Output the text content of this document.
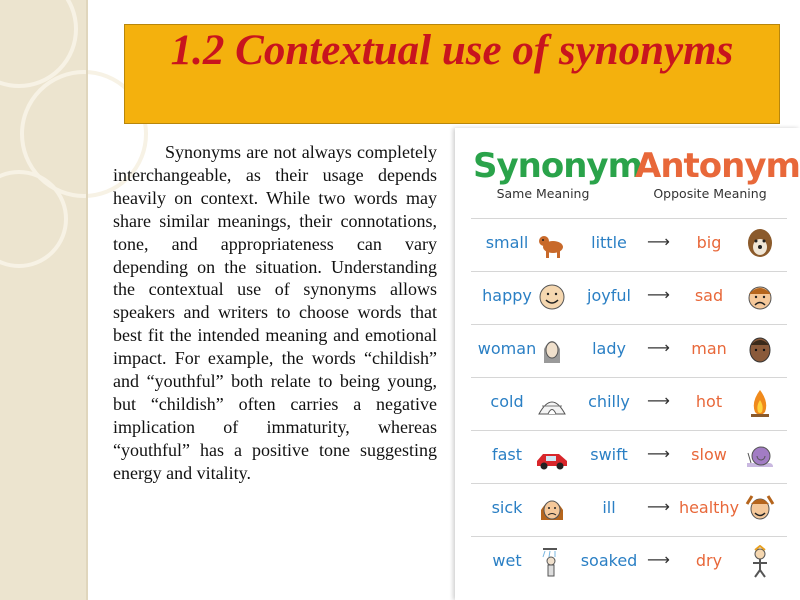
1.2 Contextual use of synonyms

Synonyms are not always completely interchangeable, as their usage depends heavily on context. While two words may share similar meanings, their connotations, tone, and appropriateness can vary depending on the situation. Understanding the contextual use of synonyms allows speakers and writers to choose words that best fit the intended meaning and emotional impact. For example, the words “childish” and “youthful” both relate to being young, but “childish” often carries a negative implication of immaturity, whereas “youthful” has a positive tone suggesting energy and vitality.

Synonym
Same Meaning
Antonym
Opposite Meaning
small	little	⟶	big
happy	joyful	⟶	sad
woman	lady	⟶	man
cold	chilly	⟶	hot
fast	swift	⟶	slow
sick	ill	⟶ healthy
wet	soaked ⟶	dry
